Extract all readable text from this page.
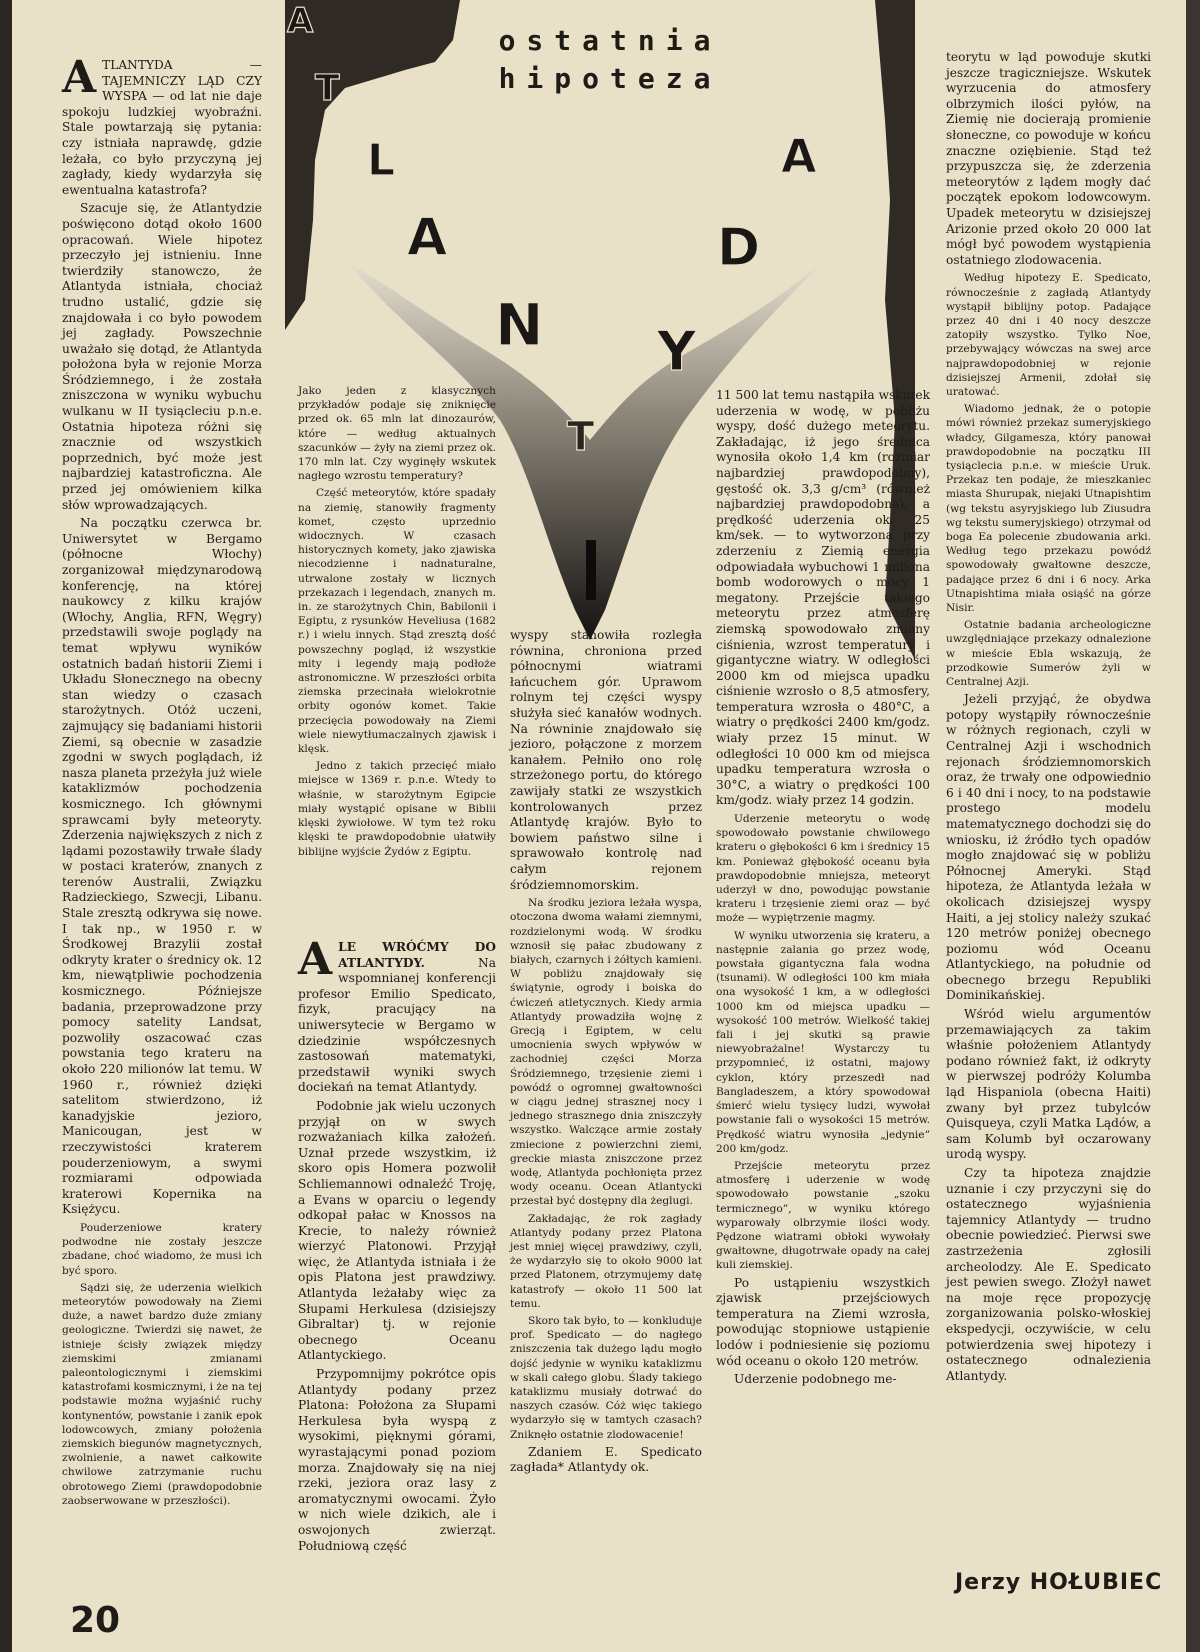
A
T
L
A
N
T
Y
D
A
ostatnia
hipoteza

ATLANTYDA — TAJEMNICZY LĄD CZY WYSPA — od lat nie daje spokoju ludzkiej wyobraźni. Stale powtarzają się pytania: czy istniała naprawdę, gdzie leżała, co było przyczyną jej zagłady, kiedy wydarzyła się ewentualna katastrofa?

Szacuje się, że Atlantydzie poświęcono dotąd około 1600 opracowań. Wiele hipotez przeczyło jej istnieniu. Inne twierdziły stanowczo, że Atlantyda istniała, chociaż trudno ustalić, gdzie się znajdowała i co było powodem jej zagłady. Powszechnie uważało się dotąd, że Atlantyda położona była w rejonie Morza Śródziemnego, i że została zniszczona w wyniku wybuchu wulkanu w II tysiącleciu p.n.e. Ostatnia hipoteza różni się znacznie od wszystkich poprzednich, być może jest najbardziej katastroficzna. Ale przed jej omówieniem kilka słów wprowadzających.

Na początku czerwca br. Uniwersytet w Bergamo (północne Włochy) zorganizował międzynarodową konferencję, na której naukowcy z kilku krajów (Włochy, Anglia, RFN, Węgry) przedstawili swoje poglądy na temat wpływu wyników ostatnich badań historii Ziemi i Układu Słonecznego na obecny stan wiedzy o czasach starożytnych. Otóż uczeni, zajmujący się badaniami historii Ziemi, są obecnie w zasadzie zgodni w swych poglądach, iż nasza planeta przeżyła już wiele kataklizmów pochodzenia kosmicznego. Ich głównymi sprawcami były meteoryty. Zderzenia największych z nich z lądami pozostawiły trwałe ślady w postaci kraterów, znanych z terenów Australii, Związku Radzieckiego, Szwecji, Libanu. Stale zresztą odkrywa się nowe. I tak np., w 1950 r. w Środkowej Brazylii został odkryty krater o średnicy ok. 12 km, niewątpliwie pochodzenia kosmicznego. Późniejsze badania, przeprowadzone przy pomocy satelity Landsat, pozwoliły oszacować czas powstania tego krateru na około 220 milionów lat temu. W 1960 r., również dzięki satelitom stwierdzono, iż kanadyjskie jezioro, Manicougan, jest w rzeczywistości kraterem pouderzeniowym, a swymi rozmiarami odpowiada kraterowi Kopernika na Księżycu.

Pouderzeniowe kratery podwodne nie zostały jeszcze zbadane, choć wiadomo, że musi ich być sporo.

Sądzi się, że uderzenia wielkich meteorytów powodowały na Ziemi duże, a nawet bardzo duże zmiany geologiczne. Twierdzi się nawet, że istnieje ścisły związek między ziemskimi zmianami paleontologicznymi i ziemskimi katastrofami kosmicznymi, i że na tej podstawie można wyjaśnić ruchy kontynentów, powstanie i zanik epok lodowcowych, zmiany położenia ziemskich biegunów magnetycznych, zwolnienie, a nawet całkowite chwilowe zatrzymanie ruchu obrotowego Ziemi (prawdopodobnie zaobserwowane w przeszłości).

Jako jeden z klasycznych przykładów podaje się zniknięcie przed ok. 65 mln lat dinozaurów, które — według aktualnych szacunków — żyły na ziemi przez ok. 170 mln lat. Czy wyginęły wskutek nagłego wzrostu temperatury?

Część meteorytów, które spadały na ziemię, stanowiły fragmenty komet, często uprzednio widocznych. W czasach historycznych komety, jako zjawiska niecodzienne i nadnaturalne, utrwalone zostały w licznych przekazach i legendach, znanych m. in. ze starożytnych Chin, Babilonii i Egiptu, z rysunków Heveliusa (1682 r.) i wielu innych. Stąd zresztą dość powszechny pogląd, iż wszystkie mity i legendy mają podłoże astronomiczne. W przeszłości orbita ziemska przecinała wielokrotnie orbity ogonów komet. Takie przecięcia powodowały na Ziemi wiele niewytłumaczalnych zjawisk i klęsk.

Jedno z takich przecięć miało miejsce w 1369 r. p.n.e. Wtedy to właśnie, w starożytnym Egipcie miały wystąpić opisane w Biblii klęski żywiołowe. W tym też roku klęski te prawdopodobnie ułatwiły biblijne wyjście Żydów z Egiptu.

ALE WRÓĆMY DO ATLANTYDY. Na wspomnianej konferencji profesor Emilio Spedicato, fizyk, pracujący na uniwersytecie w Bergamo w dziedzinie współczesnych zastosowań matematyki, przedstawił wyniki swych dociekań na temat Atlantydy.

Podobnie jak wielu uczonych przyjął on w swych rozważaniach kilka założeń. Uznał przede wszystkim, iż skoro opis Homera pozwolił Schliemannowi odnaleźć Troję, a Evans w oparciu o legendy odkopał pałac w Knossos na Krecie, to należy również wierzyć Platonowi. Przyjął więc, że Atlantyda istniała i że opis Platona jest prawdziwy. Atlantyda leżałaby więc za Słupami Herkulesa (dzisiejszy Gibraltar) tj. w rejonie obecnego Oceanu Atlantyckiego.

Przypomnijmy pokrótce opis Atlantydy podany przez Platona: Położona za Słupami Herkulesa była wyspą z wysokimi, pięknymi górami, wyrastającymi ponad poziom morza. Znajdowały się na niej rzeki, jeziora oraz lasy z aromatycznymi owocami. Żyło w nich wiele dzikich, ale i oswojonych zwierząt. Południową część

wyspy stanowiła rozległa równina, chroniona przed północnymi wiatrami łańcuchem gór. Uprawom rolnym tej części wyspy służyła sieć kanałów wodnych. Na równinie znajdowało się jezioro, połączone z morzem kanałem. Pełniło ono rolę strzeżonego portu, do którego zawijały statki ze wszystkich kontrolowanych przez Atlantydę krajów. Było to bowiem państwo silne i sprawowało kontrolę nad całym rejonem śródziemnomorskim.

Na środku jeziora leżała wyspa, otoczona dwoma wałami ziemnymi, rozdzielonymi wodą. W środku wznosił się pałac zbudowany z białych, czarnych i żółtych kamieni. W pobliżu znajdowały się świątynie, ogrody i boiska do ćwiczeń atletycznych. Kiedy armia Atlantydy prowadziła wojnę z Grecją i Egiptem, w celu umocnienia swych wpływów w zachodniej części Morza Śródziemnego, trzęsienie ziemi i powódź o ogromnej gwałtowności w ciągu jednej strasznej nocy i jednego strasznego dnia zniszczyły wszystko. Walczące armie zostały zmiecione z powierzchni ziemi, greckie miasta zniszczone przez wodę, Atlantyda pochłonięta przez wody oceanu. Ocean Atlantycki przestał być dostępny dla żeglugi.

Zakładając, że rok zagłady Atlantydy podany przez Platona jest mniej więcej prawdziwy, czyli, że wydarzyło się to około 9000 lat przed Platonem, otrzymujemy datę katastrofy — około 11 500 lat temu.

Skoro tak było, to — konkluduje prof. Spedicato — do nagłego zniszczenia tak dużego lądu mogło dojść jedynie w wyniku kataklizmu w skali całego globu. Ślady takiego kataklizmu musiały dotrwać do naszych czasów. Cóż więc takiego wydarzyło się w tamtych czasach? Zniknęło ostatnie zlodowacenie!

Zdaniem E. Spedicato zagłada* Atlantydy ok.

11 500 lat temu nastąpiła wskutek uderzenia w wodę, w pobliżu wyspy, dość dużego meteorytu. Zakładając, iż jego średnica wynosiła około 1,4 km (rozmiar najbardziej prawdopodobny), gęstość ok. 3,3 g/cm³ (również najbardziej prawdopodobna), a prędkość uderzenia ok. 25 km/sek. — to wytworzona przy zderzeniu z Ziemią energia odpowiadała wybuchowi 1 miliona bomb wodorowych o mocy 1 megatony. Przejście takiego meteorytu przez atmosferę ziemską spowodowało zmiany ciśnienia, wzrost temperatury i gigantyczne wiatry. W odległości 2000 km od miejsca upadku ciśnienie wzrosło o 8,5 atmosfery, temperatura wzrosła o 480°C, a wiatry o prędkości 2400 km/godz. wiały przez 15 minut. W odległości 10 000 km od miejsca upadku temperatura wzrosła o 30°C, a wiatry o prędkości 100 km/godz. wiały przez 14 godzin.

Uderzenie meteorytu o wodę spowodowało powstanie chwilowego krateru o głębokości 6 km i średnicy 15 km. Ponieważ głębokość oceanu była prawdopodobnie mniejsza, meteoryt uderzył w dno, powodując powstanie krateru i trzęsienie ziemi oraz — być może — wypiętrzenie magmy.

W wyniku utworzenia się krateru, a następnie zalania go przez wodę, powstała gigantyczna fala wodna (tsunami). W odległości 100 km miała ona wysokość 1 km, a w odległości 1000 km od miejsca upadku — wysokość 100 metrów. Wielkość takiej fali i jej skutki są prawie niewyobrażalne! Wystarczy tu przypomnieć, iż ostatni, majowy cyklon, który przeszedł nad Bangladeszem, a który spowodował śmierć wielu tysięcy ludzi, wywołał powstanie fali o wysokości 15 metrów. Prędkość wiatru wynosiła „jedynie” 200 km/godz.

Przejście meteorytu przez atmosferę i uderzenie w wodę spowodowało powstanie „szoku termicznego”, w wyniku którego wyparowały olbrzymie ilości wody. Pędzone wiatrami obłoki wywołały gwałtowne, długotrwałe opady na całej kuli ziemskiej.

Po ustąpieniu wszystkich zjawisk przejściowych temperatura na Ziemi wzrosła, powodując stopniowe ustąpienie lodów i podniesienie się poziomu wód oceanu o około 120 metrów.

Uderzenie podobnego me-

teorytu w ląd powoduje skutki jeszcze tragiczniejsze. Wskutek wyrzucenia do atmosfery olbrzymich ilości pyłów, na Ziemię nie docierają promienie słoneczne, co powoduje w końcu znaczne oziębienie. Stąd też przypuszcza się, że zderzenia meteorytów z lądem mogły dać początek epokom lodowcowym. Upadek meteorytu w dzisiejszej Arizonie przed około 20 000 lat mógł być powodem wystąpienia ostatniego zlodowacenia.

Według hipotezy E. Spedicato, równocześnie z zagładą Atlantydy wystąpił biblijny potop. Padające przez 40 dni i 40 nocy deszcze zatopiły wszystko. Tylko Noe, przebywający wówczas na swej arce najprawdopodobniej w rejonie dzisiejszej Armenii, zdołał się uratować.

Wiadomo jednak, że o potopie mówi również przekaz sumeryjskiego władcy, Gilgamesza, który panował prawdopodobnie na początku III tysiąclecia p.n.e. w mieście Uruk. Przekaz ten podaje, że mieszkaniec miasta Shurupak, niejaki Utnapishtim (wg tekstu asyryjskiego lub Ziusudra wg tekstu sumeryjskiego) otrzymał od boga Ea polecenie zbudowania arki. Według tego przekazu powódź spowodowały gwałtowne deszcze, padające przez 6 dni i 6 nocy. Arka Utnapishtima miała osiąść na górze Nisir.

Ostatnie badania archeologiczne uwzględniające przekazy odnalezione w mieście Ebla wskazują, że przodkowie Sumerów żyli w Centralnej Azji.

Jeżeli przyjąć, że obydwa potopy wystąpiły równocześnie w różnych regionach, czyli w Centralnej Azji i wschodnich rejonach śródziemnomorskich oraz, że trwały one odpowiednio 6 i 40 dni i nocy, to na podstawie prostego modelu matematycznego dochodzi się do wniosku, iż źródło tych opadów mogło znajdować się w pobliżu Północnej Ameryki. Stąd hipoteza, że Atlantyda leżała w okolicach dzisiejszej wyspy Haiti, a jej stolicy należy szukać 120 metrów poniżej obecnego poziomu wód Oceanu Atlantyckiego, na południe od obecnego brzegu Republiki Dominikańskiej.

Wśród wielu argumentów przemawiających za takim właśnie położeniem Atlantydy podano również fakt, iż odkryty w pierwszej podróży Kolumba ląd Hispaniola (obecna Haiti) zwany był przez tubylców Quisqueya, czyli Matka Lądów, a sam Kolumb był oczarowany urodą wyspy.

Czy ta hipoteza znajdzie uznanie i czy przyczyni się do ostatecznego wyjaśnienia tajemnicy Atlantydy — trudno obecnie powiedzieć. Pierwsi swe zastrzeżenia zgłosili archeolodzy. Ale E. Spedicato jest pewien swego. Złożył nawet na moje ręce propozycję zorganizowania polsko-włoskiej ekspedycji, oczywiście, w celu potwierdzenia swej hipotezy i ostatecznego odnalezienia Atlantydy.

20
Jerzy HOŁUBIEC
